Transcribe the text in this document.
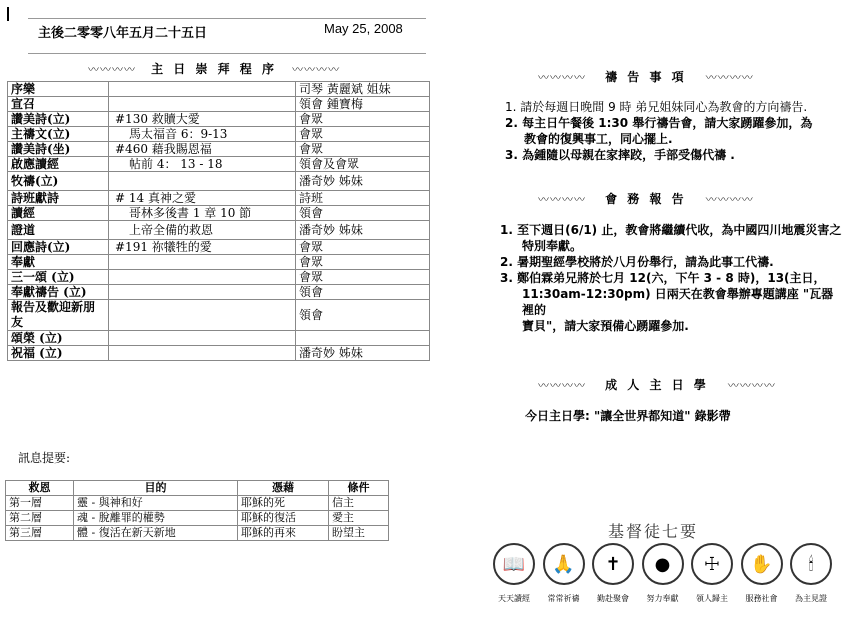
主後二零零八年五月二十五日	May 25, 2008
〰〰〰〰 主 日 崇 拜 程 序 〰〰〰〰
序樂		司琴 黃麗斌 姐妹
宣召		領會 鍾寶梅
讚美詩(立)	#130 救贖大愛	會眾
主禱文(立)	馬太福音 6：9-13	會眾
讚美詩(坐)	#460 藉我賜恩福	會眾
啟應讀經	帖前 4： 13 - 18	領會及會眾
牧禱(立)		潘奇妙 姊妹
詩班獻詩	# 14 真神之愛	詩班
讀經	哥林多後書 1 章 10 節	領會
證道	上帝全備的救恩	潘奇妙 姊妹
回應詩(立)	#191 祢犧牲的愛	會眾
奉獻		會眾
三一頌 (立)		會眾
奉獻禱告 (立)		領會
報告及歡迎新朋友		領會
頌榮 (立)		
祝福 (立)		潘奇妙 姊妹
訊息提要:
救恩	目的	憑藉	條件
第一層	靈 - 與神和好	耶穌的死	信主
第二層	魂 - 脫離罪的權勢	耶穌的復活	愛主
第三層	體 - 復活在新天新地	耶穌的再來	盼望主
〰〰〰〰 禱 告 事 項 〰〰〰〰
1. 請於每週日晚間 9 時 弟兄姐妹同心為教會的方向禱告.
2. 每主日午餐後 1:30 舉行禱告會，請大家踴躍參加，為
教會的復興事工，同心擺上.
3. 為鍾隨以母親在家摔跤，手部受傷代禱 .
〰〰〰〰 會 務 報 告 〰〰〰〰
1. 至下週日(6/1) 止，教會將繼續代收，為中國四川地震災害之
特別奉獻。
2. 暑期聖經學校將於八月份舉行，請為此事工代禱.
3. 鄭伯霖弟兄將於七月 12(六，下午 3 - 8 時)，13(主日，
11:30am-12:30pm) 日兩天在教會舉辦專題講座 "瓦器裡的
寶貝"，請大家預備心踴躍參加.
〰〰〰〰 成 人 主 日 學 〰〰〰〰
今日主日學: "讓全世界都知道" 錄影帶
基督徒七要
📖
天天讀經
🙏
常常祈禱
✝
勤赴聚會
●
努力奉獻
☩
領人歸主
✋
服務社會
🕯
為主見證
